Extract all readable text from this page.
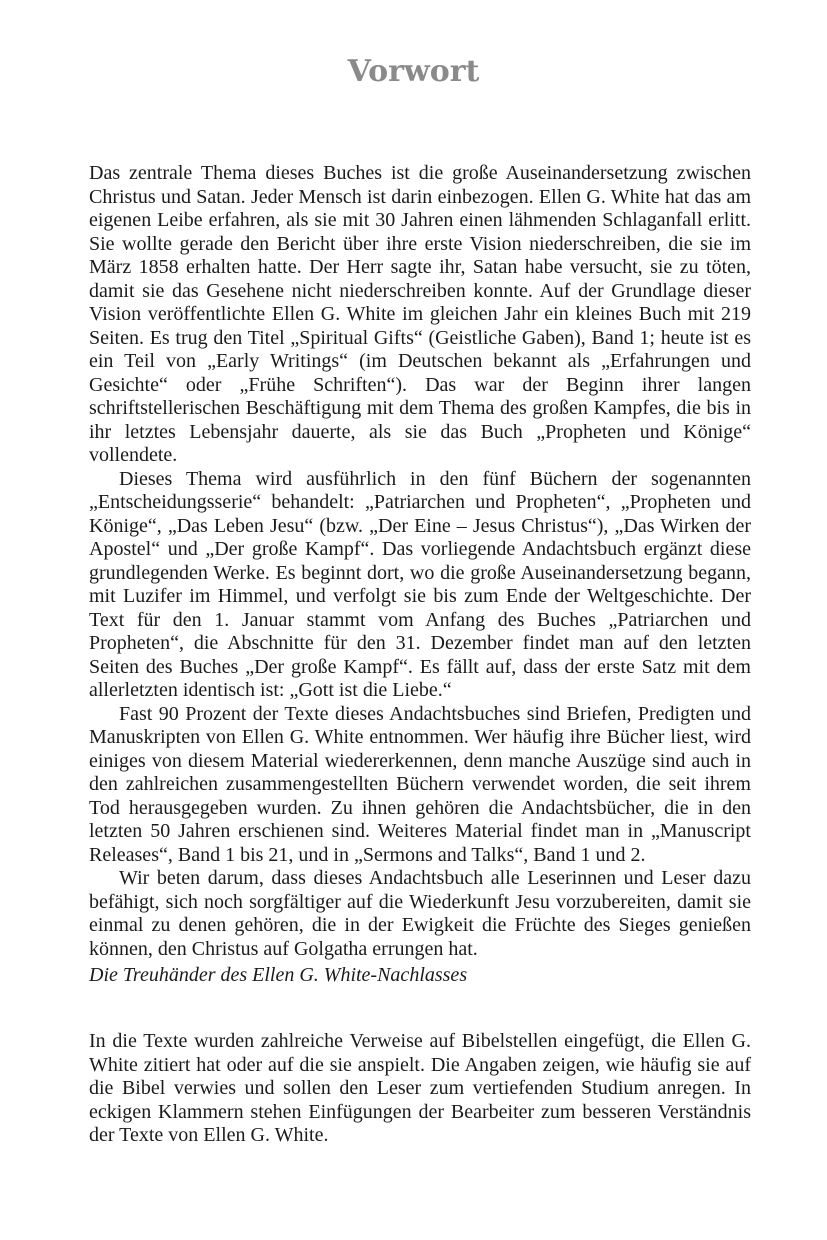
Vorwort

Das zentrale Thema dieses Buches ist die große Auseinandersetzung zwischen Christus und Satan. Jeder Mensch ist darin einbezogen. Ellen G. White hat das am eigenen Leibe erfahren, als sie mit 30 Jahren einen lähmenden Schlaganfall erlitt. Sie wollte gerade den Bericht über ihre erste Vision niederschreiben, die sie im März 1858 erhalten hatte. Der Herr sagte ihr, Satan habe versucht, sie zu töten, damit sie das Gesehene nicht niederschreiben konnte. Auf der Grundlage dieser Vision veröffentlichte Ellen G. White im gleichen Jahr ein kleines Buch mit 219 Seiten. Es trug den Titel „Spiritual Gifts“ (Geistliche Gaben), Band 1; heute ist es ein Teil von „Early Writings“ (im Deutschen bekannt als „Erfahrungen und Gesichte“ oder „Frühe Schriften“). Das war der Beginn ihrer langen schriftstellerischen Beschäftigung mit dem Thema des großen Kampfes, die bis in ihr letztes Lebensjahr dauerte, als sie das Buch „Propheten und Könige“ vollendete.

Dieses Thema wird ausführlich in den fünf Büchern der sogenannten „Entscheidungsserie“ behandelt: „Patriarchen und Propheten“, „Propheten und Könige“, „Das Leben Jesu“ (bzw. „Der Eine – Jesus Christus“), „Das Wirken der Apostel“ und „Der große Kampf“. Das vorliegende Andachtsbuch ergänzt diese grundlegenden Werke. Es beginnt dort, wo die große Auseinandersetzung begann, mit Luzifer im Himmel, und verfolgt sie bis zum Ende der Weltgeschichte. Der Text für den 1. Januar stammt vom Anfang des Buches „Patriarchen und Propheten“, die Abschnitte für den 31. Dezember findet man auf den letzten Seiten des Buches „Der große Kampf“. Es fällt auf, dass der erste Satz mit dem allerletzten identisch ist: „Gott ist die Liebe.“

Fast 90 Prozent der Texte dieses Andachtsbuches sind Briefen, Predigten und Manuskripten von Ellen G. White entnommen. Wer häufig ihre Bücher liest, wird einiges von diesem Material wiedererkennen, denn manche Auszüge sind auch in den zahlreichen zusammengestellten Büchern verwendet worden, die seit ihrem Tod herausgegeben wurden. Zu ihnen gehören die Andachtsbücher, die in den letzten 50 Jahren erschienen sind. Weiteres Material findet man in „Manuscript Releases“, Band 1 bis 21, und in „Sermons and Talks“, Band 1 und 2.

Wir beten darum, dass dieses Andachtsbuch alle Leserinnen und Leser dazu befähigt, sich noch sorgfältiger auf die Wiederkunft Jesu vorzubereiten, damit sie einmal zu denen gehören, die in der Ewigkeit die Früchte des Sieges genießen können, den Christus auf Golgatha errungen hat.

Die Treuhänder des Ellen G. White-Nachlasses

In die Texte wurden zahlreiche Verweise auf Bibelstellen eingefügt, die Ellen G. White zitiert hat oder auf die sie anspielt. Die Angaben zeigen, wie häufig sie auf die Bibel verwies und sollen den Leser zum vertiefenden Studium anregen. In eckigen Klammern stehen Einfügungen der Bearbeiter zum besseren Verständnis der Texte von Ellen G. White.
